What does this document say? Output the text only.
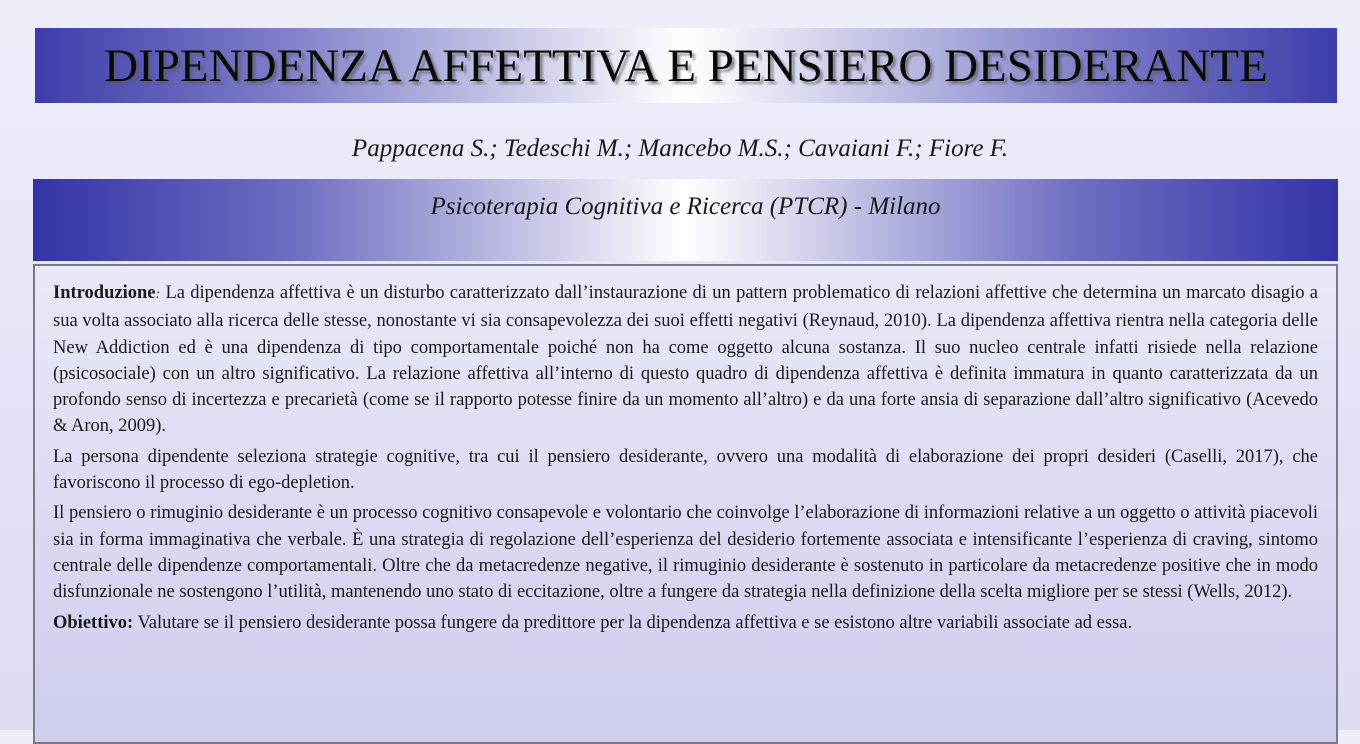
DIPENDENZA AFFETTIVA E PENSIERO DESIDERANTE
Pappacena S.; Tedeschi M.; Mancebo M.S.; Cavaiani F.; Fiore F.
Psicoterapia Cognitiva e Ricerca (PTCR) - Milano

Introduzione: La dipendenza affettiva è un disturbo caratterizzato dall’instaurazione di un pattern problematico di relazioni affettive che determina un marcato disagio a sua volta associato alla ricerca delle stesse, nonostante vi sia consapevolezza dei suoi effetti negativi (Reynaud, 2010). La dipendenza affettiva rientra nella categoria delle New Addiction ed è una dipendenza di tipo comportamentale poiché non ha come oggetto alcuna sostanza. Il suo nucleo centrale infatti risiede nella relazione (psicosociale) con un altro significativo. La relazione affettiva all’interno di questo quadro di dipendenza affettiva è definita immatura in quanto caratterizzata da un profondo senso di incertezza e precarietà (come se il rapporto potesse finire da un momento all’altro) e da una forte ansia di separazione dall’altro significativo (Acevedo & Aron, 2009).

La persona dipendente seleziona strategie cognitive, tra cui il pensiero desiderante, ovvero una modalità di elaborazione dei propri desideri (Caselli, 2017), che favoriscono il processo di ego-depletion.

Il pensiero o rimuginio desiderante è un processo cognitivo consapevole e volontario che coinvolge l’elaborazione di informazioni relative a un oggetto o attività piacevoli sia in forma immaginativa che verbale. È una strategia di regolazione dell’esperienza del desiderio fortemente associata e intensificante l’esperienza di craving, sintomo centrale delle dipendenze comportamentali. Oltre che da metacredenze negative, il rimuginio desiderante è sostenuto in particolare da metacredenze positive che in modo disfunzionale ne sostengono l’utilità, mantenendo uno stato di eccitazione, oltre a fungere da strategia nella definizione della scelta migliore per se stessi (Wells, 2012).

Obiettivo: Valutare se il pensiero desiderante possa fungere da predittore per la dipendenza affettiva e se esistono altre variabili associate ad essa.
